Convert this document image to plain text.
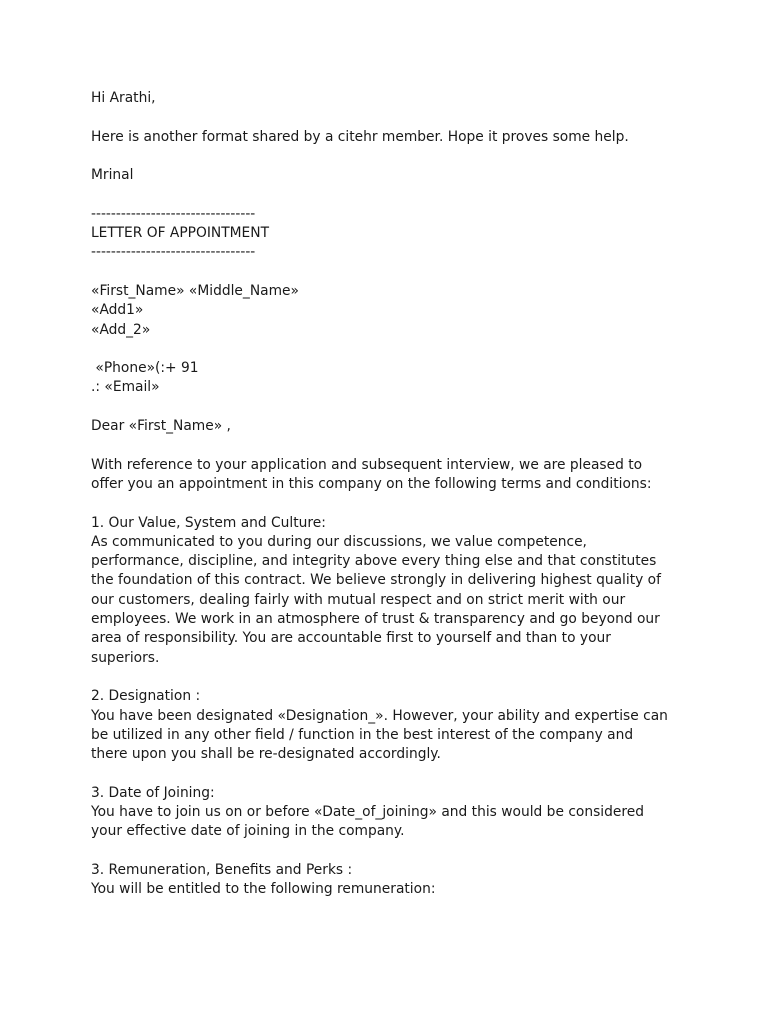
Hi Arathi,
Here is another format shared by a citehr member. Hope it proves some help.
Mrinal
---------------------------------
LETTER OF APPOINTMENT
---------------------------------
«First_Name» «Middle_Name»
«Add1»
«Add_2»
«Phone»(:+ 91
.: «Email»
Dear «First_Name» ,
With reference to your application and subsequent interview, we are pleased to
offer you an appointment in this company on the following terms and conditions:
1. Our Value, System and Culture:
As communicated to you during our discussions, we value competence,
performance, discipline, and integrity above every thing else and that constitutes
the foundation of this contract. We believe strongly in delivering highest quality of
our customers, dealing fairly with mutual respect and on strict merit with our
employees. We work in an atmosphere of trust & transparency and go beyond our
area of responsibility. You are accountable first to yourself and than to your
superiors.
2. Designation :
You have been designated «Designation_». However, your ability and expertise can
be utilized in any other field / function in the best interest of the company and
there upon you shall be re-designated accordingly.
3. Date of Joining:
You have to join us on or before «Date_of_joining» and this would be considered
your effective date of joining in the company.
3. Remuneration, Benefits and Perks :
You will be entitled to the following remuneration:
